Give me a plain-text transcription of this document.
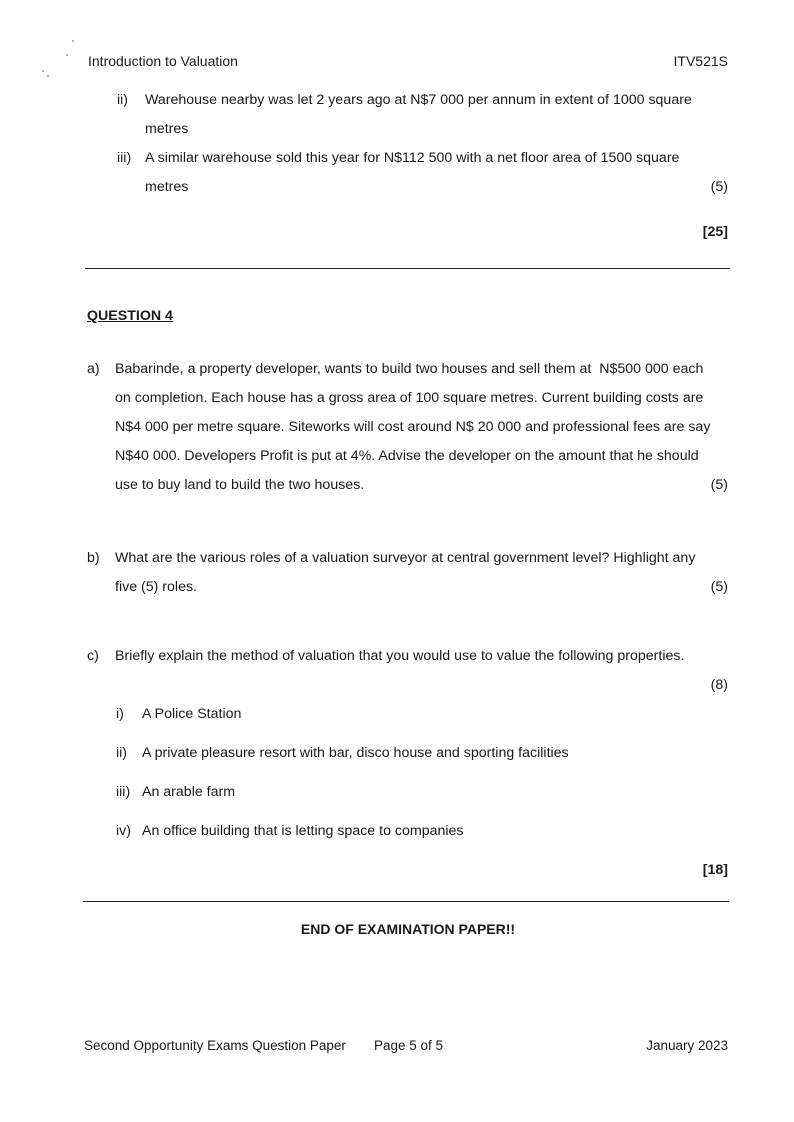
Introduction to Valuation	ITV521S
ii) Warehouse nearby was let 2 years ago at N$7 000 per annum in extent of 1000 square
metres
iii) A similar warehouse sold this year for N$112 500 with a net floor area of 1500 square
metres	(5)
[25]
QUESTION 4
a) Babarinde, a property developer, wants to build two houses and sell them at  N$500 000 each
on completion. Each house has a gross area of 100 square metres. Current building costs are
N$4 000 per metre square. Siteworks will cost around N$ 20 000 and professional fees are say
N$40 000. Developers Profit is put at 4%. Advise the developer on the amount that he should
use to buy land to build the two houses.	(5)
b) What are the various roles of a valuation surveyor at central government level? Highlight any
five (5) roles.	(5)
c) Briefly explain the method of valuation that you would use to value the following properties.
(8)
i) A Police Station
ii) A private pleasure resort with bar, disco house and sporting facilities
iii) An arable farm
iv) An office building that is letting space to companies
[18]
END OF EXAMINATION PAPER!!
Second Opportunity Exams Question Paper Page 5 of 5	January 2023
